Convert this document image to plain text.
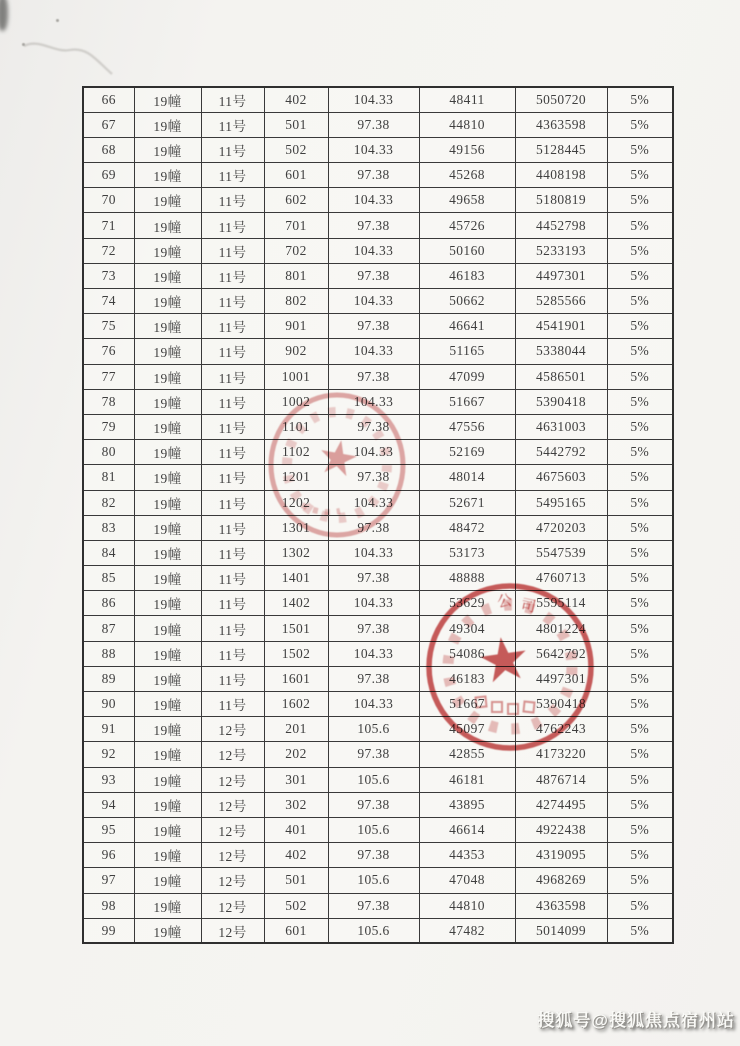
66	19幢	11号	402	104.33	48411	5050720	5%
67	19幢	11号	501	97.38	44810	4363598	5%
68	19幢	11号	502	104.33	49156	5128445	5%
69	19幢	11号	601	97.38	45268	4408198	5%
70	19幢	11号	602	104.33	49658	5180819	5%
71	19幢	11号	701	97.38	45726	4452798	5%
72	19幢	11号	702	104.33	50160	5233193	5%
73	19幢	11号	801	97.38	46183	4497301	5%
74	19幢	11号	802	104.33	50662	5285566	5%
75	19幢	11号	901	97.38	46641	4541901	5%
76	19幢	11号	902	104.33	51165	5338044	5%
77	19幢	11号	1001	97.38	47099	4586501	5%
78	19幢	11号	1002	104.33	51667	5390418	5%
79	19幢	11号	1101	97.38	47556	4631003	5%
80	19幢	11号	1102	104.33	52169	5442792	5%
81	19幢	11号	1201	97.38	48014	4675603	5%
82	19幢	11号	1202	104.33	52671	5495165	5%
83	19幢	11号	1301	97.38	48472	4720203	5%
84	19幢	11号	1302	104.33	53173	5547539	5%
85	19幢	11号	1401	97.38	48888	4760713	5%
86	19幢	11号	1402	104.33	53629	5595114	5%
87	19幢	11号	1501	97.38	49304	4801224	5%
88	19幢	11号	1502	104.33	54086	5642792	5%
89	19幢	11号	1601	97.38	46183	4497301	5%
90	19幢	11号	1602	104.33	51667	5390418	5%
91	19幢	12号	201	105.6	45097	4762243	5%
92	19幢	12号	202	97.38	42855	4173220	5%
93	19幢	12号	301	105.6	46181	4876714	5%
94	19幢	12号	302	97.38	43895	4274495	5%
95	19幢	12号	401	105.6	46614	4922438	5%
96	19幢	12号	402	97.38	44353	4319095	5%
97	19幢	12号	501	105.6	47048	4968269	5%
98	19幢	12号	502	97.38	44810	4363598	5%
99	19幢	12号	601	105.6	47482	5014099	5%
公 司
搜狐号@搜狐焦点宿州站
